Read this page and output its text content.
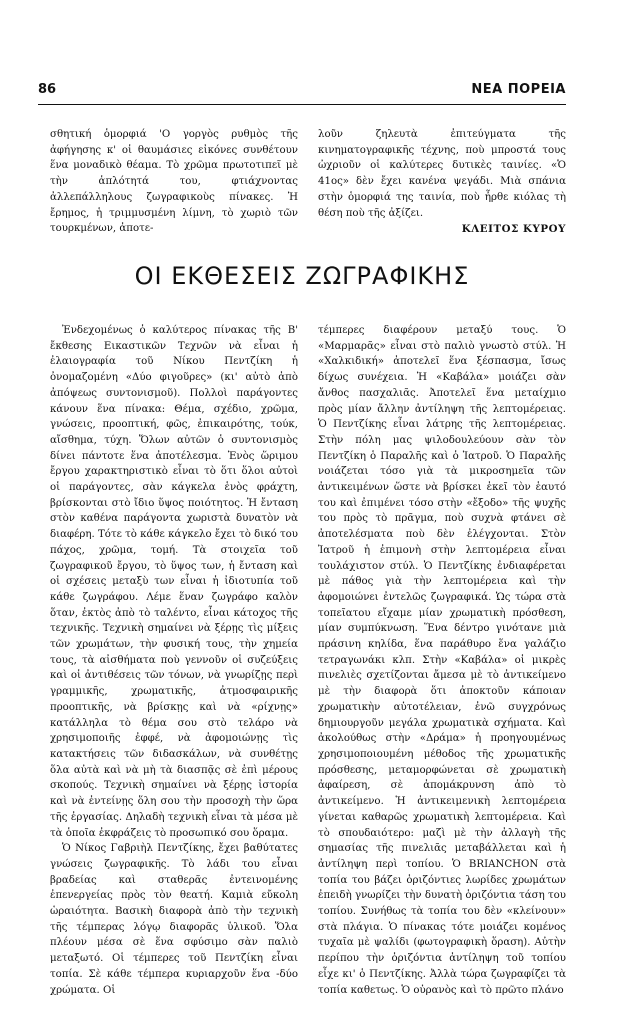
86	ΝΕΑ ΠΟΡΕΙΑ
σθητική ὁμορφιά 'Ο γοργὸς ρυθμὸς τῆς ἀφήγησης κ' οἱ θαυμάσιες εἰκόνες συνθέτουν ἕνα μοναδικὸ θέαμα. Τὸ χρῶμα πρωτοτιπεῖ μὲ τὴν ἁπλότητά του, φτιάχνοντας ἀλλεπάλληλους ζωγραφικοὺς πίνακες. Ἡ ἔρημος, ἡ τριμμυσμένη λίμνη, τὸ χωριὸ τῶν τουρκμένων, ἀποτε-
λοῦν ζηλευτὰ ἐπιτεύγματα τῆς κινηματογραφικῆς τέχνης, ποὺ μπροστά τους ὠχριοῦν οἱ καλύτερες δυτικὲς ταινίες. «Ὁ 41ος» δὲν ἔχει κανένα ψεγάδι. Μιὰ σπάνια στὴν ὁμορφιά της ταινία, ποὺ ἦρθε κιόλας τὴ θέση ποὺ τῆς ἀξίζει.
ΚΛΕΙΤΟΣ ΚΥΡΟΥ
ΟΙ ΕΚΘΕΣΕΙΣ ΖΩΓΡΑΦΙΚΗΣ
Ἐνδεχομένως ὁ καλύτερος πίνακας τῆς Β' ἔκθεσης Εικαστικῶν Τεχνῶν νὰ εἶναι ἡ ἐλαιογραφία τοῦ Νίκου Πεντζίκη ἡ ὀνομαζομένη «Δύο φιγοῦρες» (κι' αὐτὸ ἀπὸ ἀπόψεως συντονισμοῦ). Πολλοὶ παράγοντες κάνουν ἕνα πίνακα: Θέμα, σχέδιο, χρῶμα, γνώσεις, προοπτική, φῶς, ἐπικαιρότης, τούκ, αἴσθημα, τύχη. Ὅλων αὐτῶν ὁ συντονισμὸς δίνει πάντοτε ἕνα ἀποτέλεσμα. Ἑνὸς ὥριμου ἔργου χαρακτηριστικὸ εἶναι τὸ ὅτι ὅλοι αὐτοὶ οἱ παράγοντες, σὰν κάγκελα ἑνὸς φράχτη, βρίσκονται στὸ ἴδιο ὕψος ποιότητος. Ἡ ἔνταση στὸν καθένα παράγοντα χωριστὰ δυνατὸν νὰ διαφέρη. Τότε τὸ κάθε κάγκελο ἔχει τὸ δικό του πάχος, χρῶμα, τομή. Τὰ στοιχεῖα τοῦ ζωγραφικοῦ ἔργου, τὸ ὕψος των, ἡ ἔνταση καὶ οἱ σχέσεις μεταξὺ των εἶναι ἡ ἰδιοτυπία τοῦ κάθε ζωγράφου. Λέμε ἕναν ζωγράφο καλὸν ὅταν, ἐκτὸς ἀπὸ τὸ ταλέντο, εἶναι κάτοχος τῆς τεχνικῆς. Τεχνικὴ σημαίνει νὰ ξέρῃς τὶς μίξεις τῶν χρωμάτων, τὴν φυσική τους, τὴν χημεία τους, τὰ αἰσθήματα ποὺ γεννοῦν οἱ συζεύξεις καὶ οἱ ἀντιθέσεις τῶν τόνων, νὰ γνωρίζῃς περὶ γραμμικῆς, χρωματικῆς, ἀτμοσφαιρικῆς προοπτικῆς, νὰ βρίσκῃς καὶ νὰ «ρίχνῃς» κατάλληλα τὸ θέμα σου στὸ τελάρο νὰ χρησιμοποιῆς ἐφφέ, νὰ ἀφομοιώνῃς τὶς κατακτήσεις τῶν διδασκάλων, νὰ συνθέτῃς ὅλα αὐτὰ καὶ νὰ μὴ τὰ διασπᾷς σὲ ἐπὶ μέρους σκοπούς. Τεχνικὴ σημαίνει νὰ ξέρῃς ἱστορία καὶ νὰ ἐντείνῃς ὅλη σου τὴν προσοχὴ τὴν ὥρα τῆς ἐργασίας. Δηλαδὴ τεχνικὴ εἶναι τὰ μέσα μὲ τὰ ὁποῖα ἐκφράζεις τὸ προσωπικό σου ὅραμα.
Ὁ Νίκος Γαβριὴλ Πεντζίκης, ἔχει βαθύτατες γνώσεις ζωγραφικῆς. Τὸ λάδι του εἶναι βραδείας καὶ σταθερᾶς ἐντεινομένης ἐπενεργείας πρὸς τὸν θεατή. Καμιὰ εὔκολη ὡραιότητα. Βασικὴ διαφορὰ ἀπὸ τὴν τεχνικὴ τῆς τέμπερας λόγῳ διαφορᾶς ὑλικοῦ. Ὅλα πλέουν μέσα σὲ ἕνα σφύσιμο σὰν παλιὸ μεταξωτό. Οἱ τέμπερες τοῦ Πεντζίκη εἶναι τοπία. Σὲ κάθε τέμπερα κυριαρχοῦν ἕνα -δύο χρώματα. Οἱ
τέμπερες διαφέρουν μεταξύ τους. Ὁ «Μαρμαρᾶς» εἶναι στὸ παλιὸ γνωστὸ στύλ. Ἡ «Χαλκιδική» ἀποτελεῖ ἕνα ξέσπασμα, ἴσως δίχως συνέχεια. Ἡ «Καβάλα» μοιάζει σὰν ἄνθος πασχαλιᾶς. Ἀποτελεῖ ἕνα μεταίχμιο πρὸς μίαν ἄλλην ἀντίληψη τῆς λεπτομέρειας. Ὁ Πεντζίκης εἶναι λάτρης τῆς λεπτομέρειας. Στὴν πόλη μας ψιλοδουλεύουν σὰν τὸν Πεντζίκη ὁ Παραλῆς καὶ ὁ Ἰατροῦ. Ὁ Παραλῆς νοιάζεται τόσο γιὰ τὰ μικροσημεῖα τῶν ἀντικειμένων ὥστε νὰ βρίσκει ἐκεῖ τὸν ἑαυτό του καὶ ἐπιμένει τόσο στὴν «ἔξοδο» τῆς ψυχῆς του πρὸς τὸ πρᾶγμα, ποὺ συχνὰ φτάνει σὲ ἀποτελέσματα ποὺ δὲν ἐλέγχονται. Στὸν Ἰατροῦ ἡ ἐπιμονὴ στὴν λεπτομέρεια εἶναι τουλάχιστον στύλ. Ὁ Πεντζίκης ἐνδιαφέρεται μὲ πάθος γιὰ τὴν λεπτομέρεια καὶ τὴν ἀφομοιώνει ἐντελῶς ζωγραφικά. Ὡς τώρα στὰ τοπεῖατου εἴχαμε μίαν χρωματικὴ πρόσθεση, μίαν συμπύκνωση. Ἕνα δέντρο γινότανε μιὰ πράσινη κηλίδα, ἕνα παράθυρο ἕνα γαλάζιο τετραγωνάκι κλπ. Στὴν «Καβάλα» οἱ μικρὲς πινελιὲς σχετίζονται ἄμεσα μὲ τὸ ἀντικείμενο μὲ τὴν διαφορὰ ὅτι ἀποκτοῦν κάποιαν χρωματικὴν αὐτοτέλειαν, ἐνῶ συγχρόνως δημιουργοῦν μεγάλα χρωματικὰ σχήματα. Καὶ ἀκολούθως στὴν «Δράμα» ἡ προηγουμένως χρησιμοποιουμένη μέθοδος τῆς χρωματικῆς πρόσθεσης, μεταμορφώνεται σὲ χρωματικὴ ἀφαίρεση, σὲ ἀπομάκρυνση ἀπὸ τὸ ἀντικείμενο. Ἡ ἀντικειμενικὴ λεπτομέρεια γίνεται καθαρῶς χρωματικὴ λεπτομέρεια. Καὶ τὸ σπουδαιότερο: μαζὶ μὲ τὴν ἀλλαγὴ τῆς σημασίας τῆς πινελιᾶς μεταβάλλεται καὶ ἡ ἀντίληψη περὶ τοπίου. Ὁ BRIANCHON στὰ τοπία του βάζει ὁριζόντιες λωρίδες χρωμάτων ἐπειδὴ γνωρίζει τὴν δυνατὴ ὁριζόντια τάση του τοπίου. Συνήθως τὰ τοπία του δὲν «κλείνουν» στὰ πλάγια. Ὁ πίνακας τότε μοιάζει κομένος τυχαῖα μὲ ψαλίδι (φωτογραφικὴ ὅραση). Αὐτὴν περίπου τὴν ὁριζόντια ἀντίληψη τοῦ τοπίου εἶχε κι' ὁ Πεντζίκης. Ἀλλὰ τώρα ζωγραφίζει τὰ τοπία καθετως. Ὁ οὐρανὸς καὶ τὸ πρῶτο πλάνο
